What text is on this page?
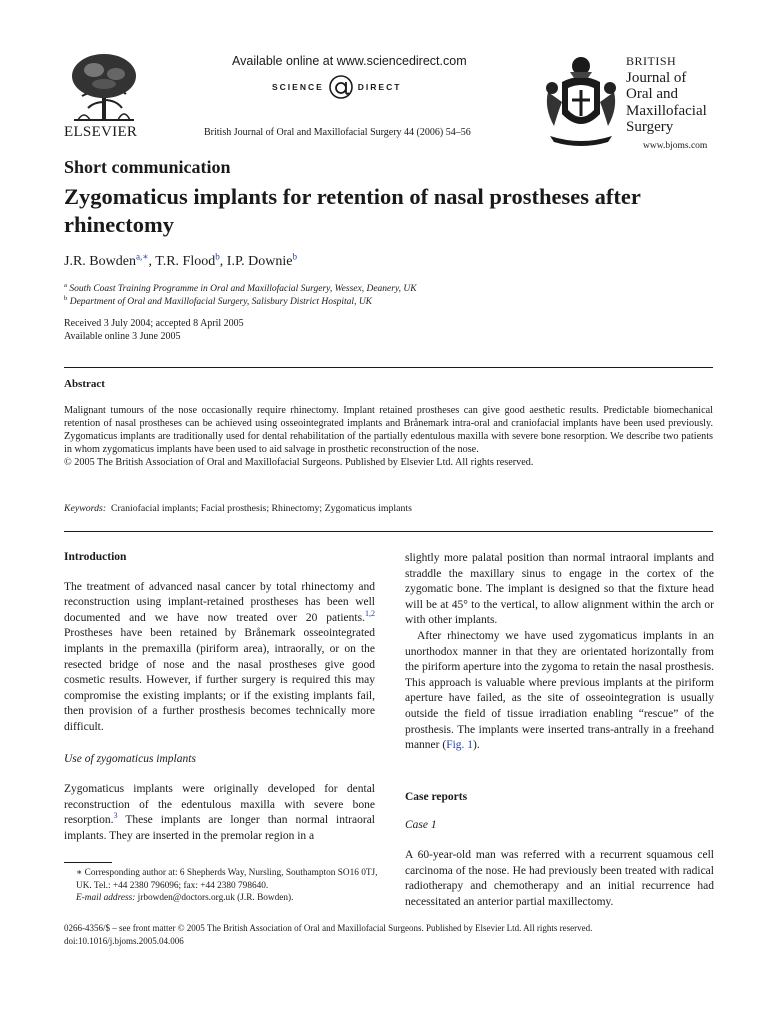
ELSEVIER
Available online at www.sciencedirect.com
SCIENCE	DIRECT
British Journal of Oral and Maxillofacial Surgery 44 (2006) 54–56
BRITISH
Journal of
Oral and
Maxillofacial
Surgery
www.bjoms.com
Short communication
Zygomaticus implants for retention of nasal prostheses after rhinectomy
J.R. Bowden$^{a,∗}$, T.R. Flood$^b$, I.P. Downie$^b$
$^a$ South Coast Training Programme in Oral and Maxillofacial Surgery, Wessex, Deanery, UK
$^b$ Department of Oral and Maxillofacial Surgery, Salisbury District Hospital, UK
Received 3 July 2004; accepted 8 April 2005
Available online 3 June 2005
Abstract
Malignant tumours of the nose occasionally require rhinectomy. Implant retained prostheses can give good aesthetic results. Predictable biomechanical retention of nasal prostheses can be achieved using osseointegrated implants and Brånemark intra-oral and craniofacial implants have been used previously. Zygomaticus implants are traditionally used for dental rehabilitation of the partially edentulous maxilla with severe bone resorption. We describe two patients in whom zygomaticus implants have been used to aid salvage in prosthetic reconstruction of the nose.
© 2005 The British Association of Oral and Maxillofacial Surgeons. Published by Elsevier Ltd. All rights reserved.
Keywords: Craniofacial implants; Facial prosthesis; Rhinectomy; Zygomaticus implants
Introduction

The treatment of advanced nasal cancer by total rhinectomy and reconstruction using implant-retained prostheses has been well documented and we have now treated over 20 patients.$^{1,2}$ Prostheses have been retained by Brånemark osseointegrated implants in the premaxilla (piriform area), intraorally, or on the resected bridge of nose and the nasal prostheses give good cosmetic results. However, if further surgery is required this may compromise the existing implants; or if the existing implants fail, then provision of a further prosthesis becomes technically more difficult.

Use of zygomaticus implants

Zygomaticus implants were originally developed for dental reconstruction of the edentulous maxilla with severe bone resorption.$^3$ These implants are longer than normal intraoral implants. They are inserted in the premolar region in a

∗ Corresponding author at: 6 Shepherds Way, Nursling, Southampton SO16 0TJ, UK. Tel.: +44 2380 796096; fax: +44 2380 798640.
E-mail address: jrbowden@doctors.org.uk (J.R. Bowden).

slightly more palatal position than normal intraoral implants and straddle the maxillary sinus to engage in the cortex of the zygomatic bone. The implant is designed so that the fixture head will be at 45° to the vertical, to allow alignment within the arch or with other implants.

After rhinectomy we have used zygomaticus implants in an unorthodox manner in that they are orientated horizontally from the piriform aperture into the zygoma to retain the nasal prosthesis. This approach is valuable where previous implants at the piriform aperture have failed, as the site of osseointegration is usually outside the field of tissue irradiation enabling “rescue” of the prosthesis. The implants were inserted trans-antrally in a freehand manner (Fig. 1).

Case reports
Case 1

A 60-year-old man was referred with a recurrent squamous cell carcinoma of the nose. He had previously been treated with radical radiotherapy and chemotherapy and an initial recurrence had necessitated an anterior partial maxillectomy.

0266-4356/$ – see front matter © 2005 The British Association of Oral and Maxillofacial Surgeons. Published by Elsevier Ltd. All rights reserved.
doi:10.1016/j.bjoms.2005.04.006
